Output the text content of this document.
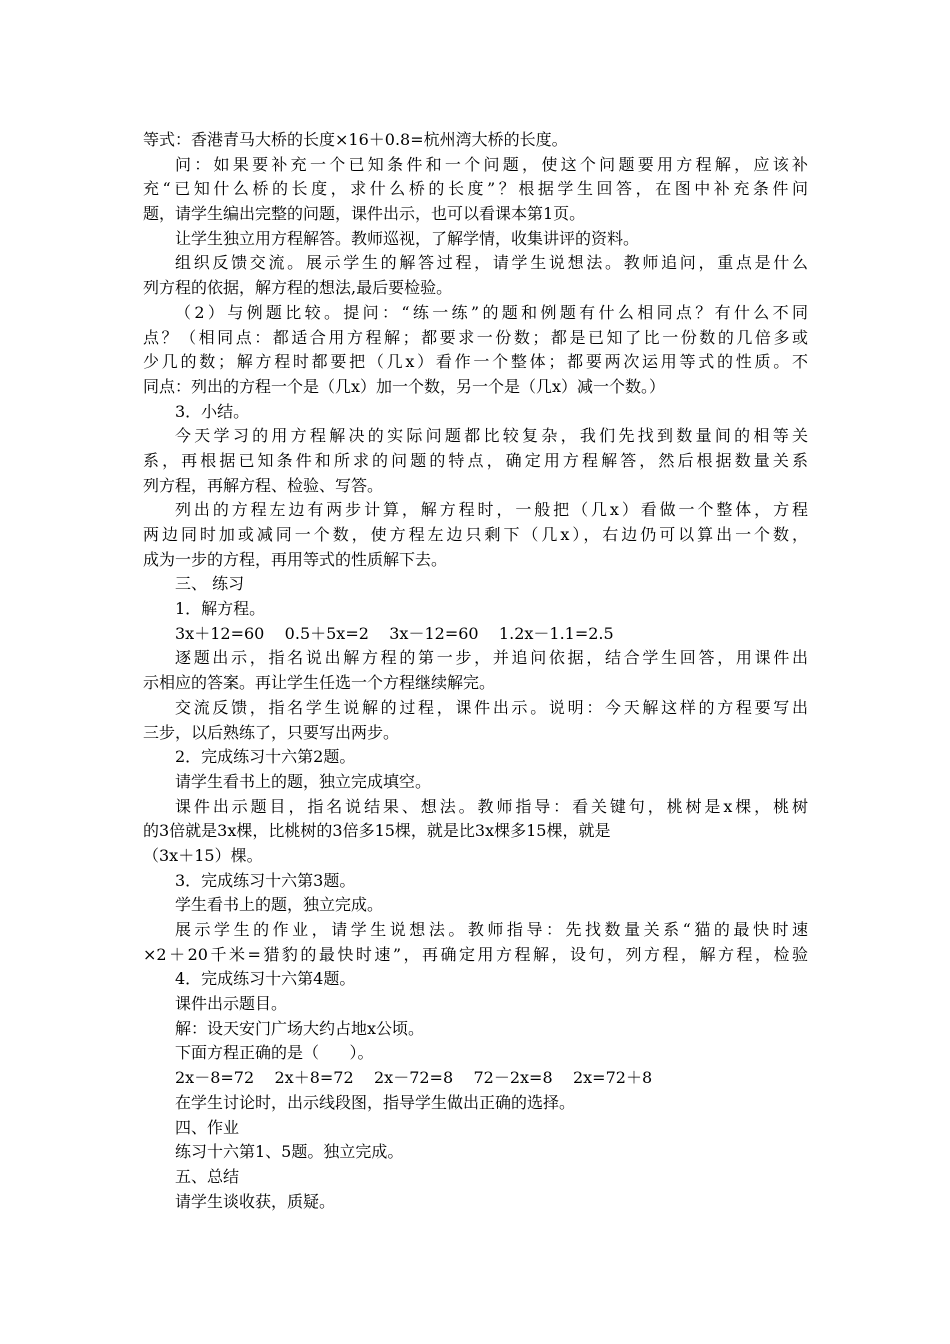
等式：香港青马大桥的长度×16＋0.8=杭州湾大桥的长度。
问：如果要补充一个已知条件和一个问题，使这个问题要用方程解，应该补
充“已知什么桥的长度，求什么桥的长度”？根据学生回答，在图中补充条件问
题，请学生编出完整的问题，课件出示，也可以看课本第1页。
让学生独立用方程解答。教师巡视，了解学情，收集讲评的资料。
组织反馈交流。展示学生的解答过程，请学生说想法。教师追问，重点是什么
列方程的依据，解方程的想法,最后要检验。
（2）与例题比较。提问：“练一练”的题和例题有什么相同点？有什么不同
点？（相同点：都适合用方程解；都要求一份数；都是已知了比一份数的几倍多或
少几的数；解方程时都要把（几x）看作一个整体；都要两次运用等式的性质。不
同点：列出的方程一个是（几x）加一个数，另一个是（几x）减一个数。）
3．小结。
今天学习的用方程解决的实际问题都比较复杂，我们先找到数量间的相等关
系，再根据已知条件和所求的问题的特点，确定用方程解答，然后根据数量关系
列方程，再解方程、检验、写答。
列出的方程左边有两步计算，解方程时，一般把（几x）看做一个整体，方程
两边同时加或减同一个数，使方程左边只剩下（几x），右边仍可以算出一个数，
成为一步的方程，再用等式的性质解下去。
三、 练习
1．解方程。
3x＋12=60    0.5＋5x=2    3x－12=60    1.2x－1.1=2.5
逐题出示，指名说出解方程的第一步，并追问依据，结合学生回答，用课件出
示相应的答案。再让学生任选一个方程继续解完。
交流反馈，指名学生说解的过程，课件出示。说明：今天解这样的方程要写出
三步，以后熟练了，只要写出两步。
2．完成练习十六第2题。
请学生看书上的题，独立完成填空。
课件出示题目，指名说结果、想法。教师指导：看关键句，桃树是x棵，桃树
的3倍就是3x棵，比桃树的3倍多15棵，就是比3x棵多15棵，就是
（3x＋15）棵。
3．完成练习十六第3题。
学生看书上的题，独立完成。
展示学生的作业，请学生说想法。教师指导：先找数量关系“猫的最快时速
×2＋20千米=猎豹的最快时速”，再确定用方程解，设句，列方程，解方程，检验
4．完成练习十六第4题。
课件出示题目。
解：设天安门广场大约占地x公顷。
下面方程正确的是（      ）。
2x－8=72    2x＋8=72    2x－72=8    72－2x=8    2x=72＋8
在学生讨论时，出示线段图，指导学生做出正确的选择。
四、作业
练习十六第1、5题。独立完成。
五、总结
请学生谈收获，质疑。
